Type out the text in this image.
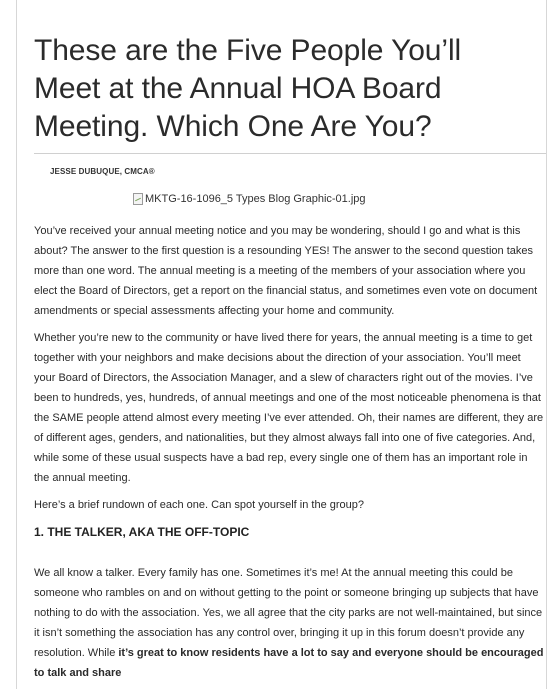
These are the Five People You’ll Meet at the Annual HOA Board Meeting. Which One Are You?
JESSE DUBUQUE, CMCA®
MKTG-16-1096_5 Types Blog Graphic-01.jpg

You’ve received your annual meeting notice and you may be wondering, should I go and what is this about? The answer to the first question is a resounding YES! The answer to the second question takes more than one word. The annual meeting is a meeting of the members of your association where you elect the Board of Directors, get a report on the financial status, and sometimes even vote on document amendments or special assessments affecting your home and community.

Whether you’re new to the community or have lived there for years, the annual meeting is a time to get together with your neighbors and make decisions about the direction of your association. You’ll meet your Board of Directors, the Association Manager, and a slew of characters right out of the movies. I’ve been to hundreds, yes, hundreds, of annual meetings and one of the most noticeable phenomena is that the SAME people attend almost every meeting I’ve ever attended. Oh, their names are different, they are of different ages, genders, and nationalities, but they almost always fall into one of five categories. And, while some of these usual suspects have a bad rep, every single one of them has an important role in the annual meeting.

Here’s a brief rundown of each one. Can spot yourself in the group?

1. THE TALKER, AKA THE OFF-TOPIC

We all know a talker. Every family has one. Sometimes it’s me! At the annual meeting this could be someone who rambles on and on without getting to the point or someone bringing up subjects that have nothing to do with the association. Yes, we all agree that the city parks are not well-maintained, but since it isn’t something the association has any control over, bringing it up in this forum doesn’t provide any resolution. While it’s great to know residents have a lot to say and everyone should be encouraged to talk and share
